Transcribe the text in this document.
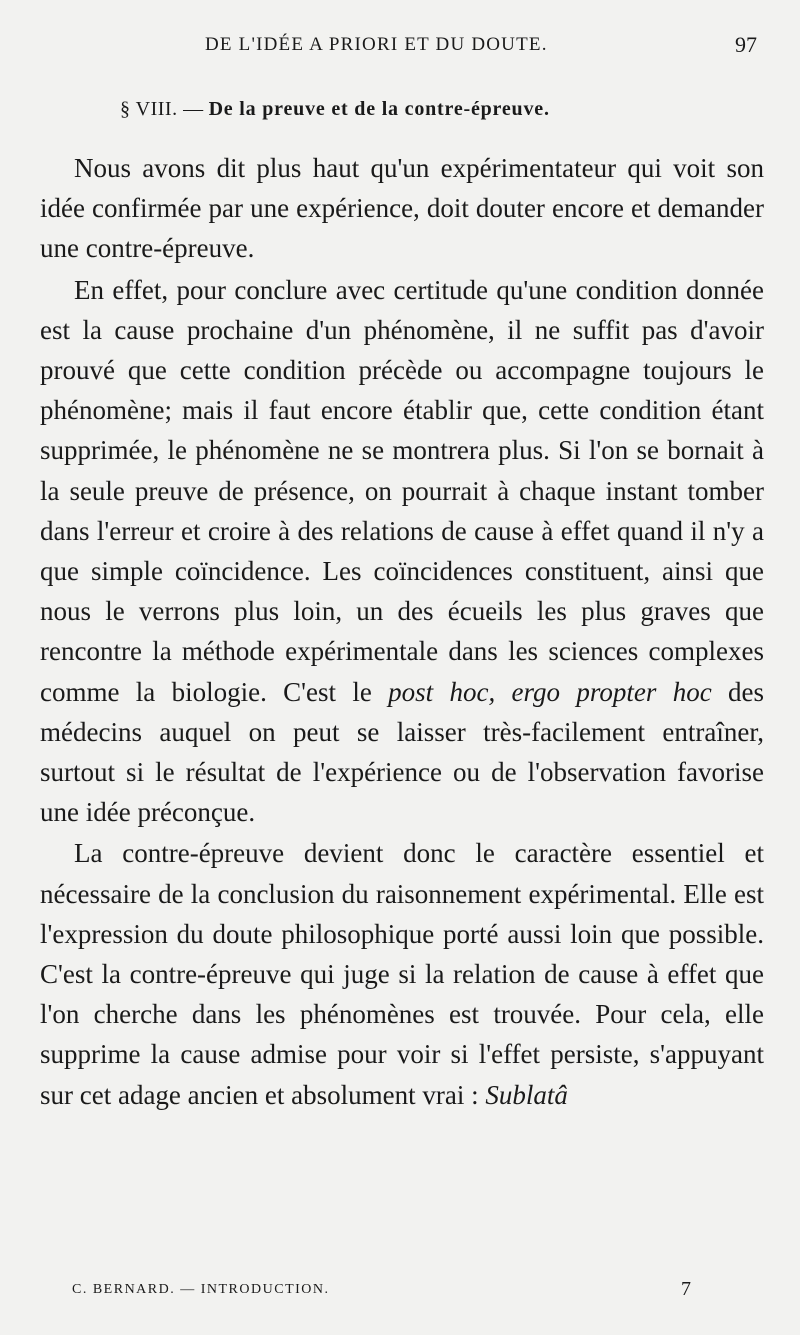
DE L'IDÉE A PRIORI ET DU DOUTE.	97
§ VIII. — De la preuve et de la contre-épreuve.

Nous avons dit plus haut qu'un expérimentateur qui voit son idée confirmée par une expérience, doit douter encore et demander une contre-épreuve.

En effet, pour conclure avec certitude qu'une condition donnée est la cause prochaine d'un phénomène, il ne suffit pas d'avoir prouvé que cette condition précède ou accompagne toujours le phénomène; mais il faut encore établir que, cette condition étant supprimée, le phénomène ne se montrera plus. Si l'on se bornait à la seule preuve de présence, on pourrait à chaque instant tomber dans l'erreur et croire à des relations de cause à effet quand il n'y a que simple coïncidence. Les coïncidences constituent, ainsi que nous le verrons plus loin, un des écueils les plus graves que rencontre la méthode expérimentale dans les sciences complexes comme la biologie. C'est le post hoc, ergo propter hoc des médecins auquel on peut se laisser très-facilement entraîner, surtout si le résultat de l'expérience ou de l'observation favorise une idée préconçue.

La contre-épreuve devient donc le caractère essentiel et nécessaire de la conclusion du raisonnement expérimental. Elle est l'expression du doute philosophique porté aussi loin que possible. C'est la contre-épreuve qui juge si la relation de cause à effet que l'on cherche dans les phénomènes est trouvée. Pour cela, elle supprime la cause admise pour voir si l'effet persiste, s'appuyant sur cet adage ancien et absolument vrai : Sublatâ

C. BERNARD. — INTRODUCTION.	7
